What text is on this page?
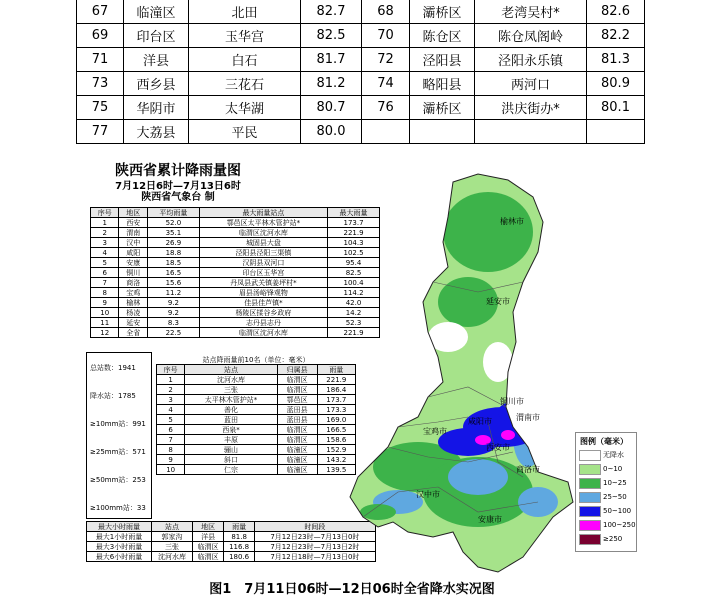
67	临潼区	北田	82.7	68	灞桥区	老湾吴村*	82.6
69	印台区	玉华宫	82.5	70	陈仓区	陈仓凤阁岭	82.2
71	洋县	白石	81.7	72	泾阳县	泾阳永乐镇	81.3
73	西乡县	三花石	81.2	74	略阳县	两河口	80.9
75	华阴市	太华湖	80.7	76	灞桥区	洪庆街办*	80.1
77	大荔县	平民	80.0				
陕西省累计降雨量图
7月12日6时—7月13日6时
陕西省气象台 制
序号	地区	平均雨量	最大雨量站点	最大雨量
1	西安	52.0	鄠邑区太平林木管护站*	173.7
2	渭南	35.1	临渭区沈河水库	221.9
3	汉中	26.9	城固县大盘	104.3
4	咸阳	18.8	泾阳县泾阳三渠镇	102.5
5	安康	18.5	汉阴县双河口	95.4
6	铜川	16.5	印台区玉华宫	82.5
7	商洛	15.6	丹凤县武关镇姜坪村*	100.4
8	宝鸡	11.2	眉县汤峪锋观物	114.2
9	榆林	9.2	佳县佳芦镇*	42.0
10	杨凌	9.2	杨陵区揉谷乡政府	14.2
11	延安	8.3	志丹县志丹	52.3
12	全省	22.5	临渭区沈河水库	221.9
总站数：1941
降水站：1785
≥10mm站：991
≥25mm站：571
≥50mm站：253
≥100mm站：33
站点降雨量前10名（单位：毫米）
序号	站点	归属县	雨量
1	沈河水库	临渭区	221.9
2	三张	临渭区	186.4
3	太平林木管护站*	鄠邑区	173.7
4	善化	蓝田县	173.3
5	蓝田	蓝田县	169.0
6	西泉*	临渭区	166.5
7	丰原	临渭区	158.6
8	骊山	临潼区	152.9
9	斜口	临潼区	143.2
10	仁宗	临潼区	139.5
最大小时雨量	站点	地区	雨量	时间段
最大1小时雨量	郭家沟	洋县	81.8	7月12日23时—7月13日0时
最大3小时雨量	三张	临渭区	116.8	7月12日23时—7月13日2时
最大6小时雨量	沈河水库	临渭区	180.6	7月12日18时—7月13日0时
榆林市
延安市
铜川市
渭南市
咸阳市
宝鸡市
西安市
商洛市
汉中市
安康市
图例（毫米）
无降水
0~10
10~25
25~50
50~100
100~250
≥250
图1　7月11日06时—12日06时全省降水实况图
